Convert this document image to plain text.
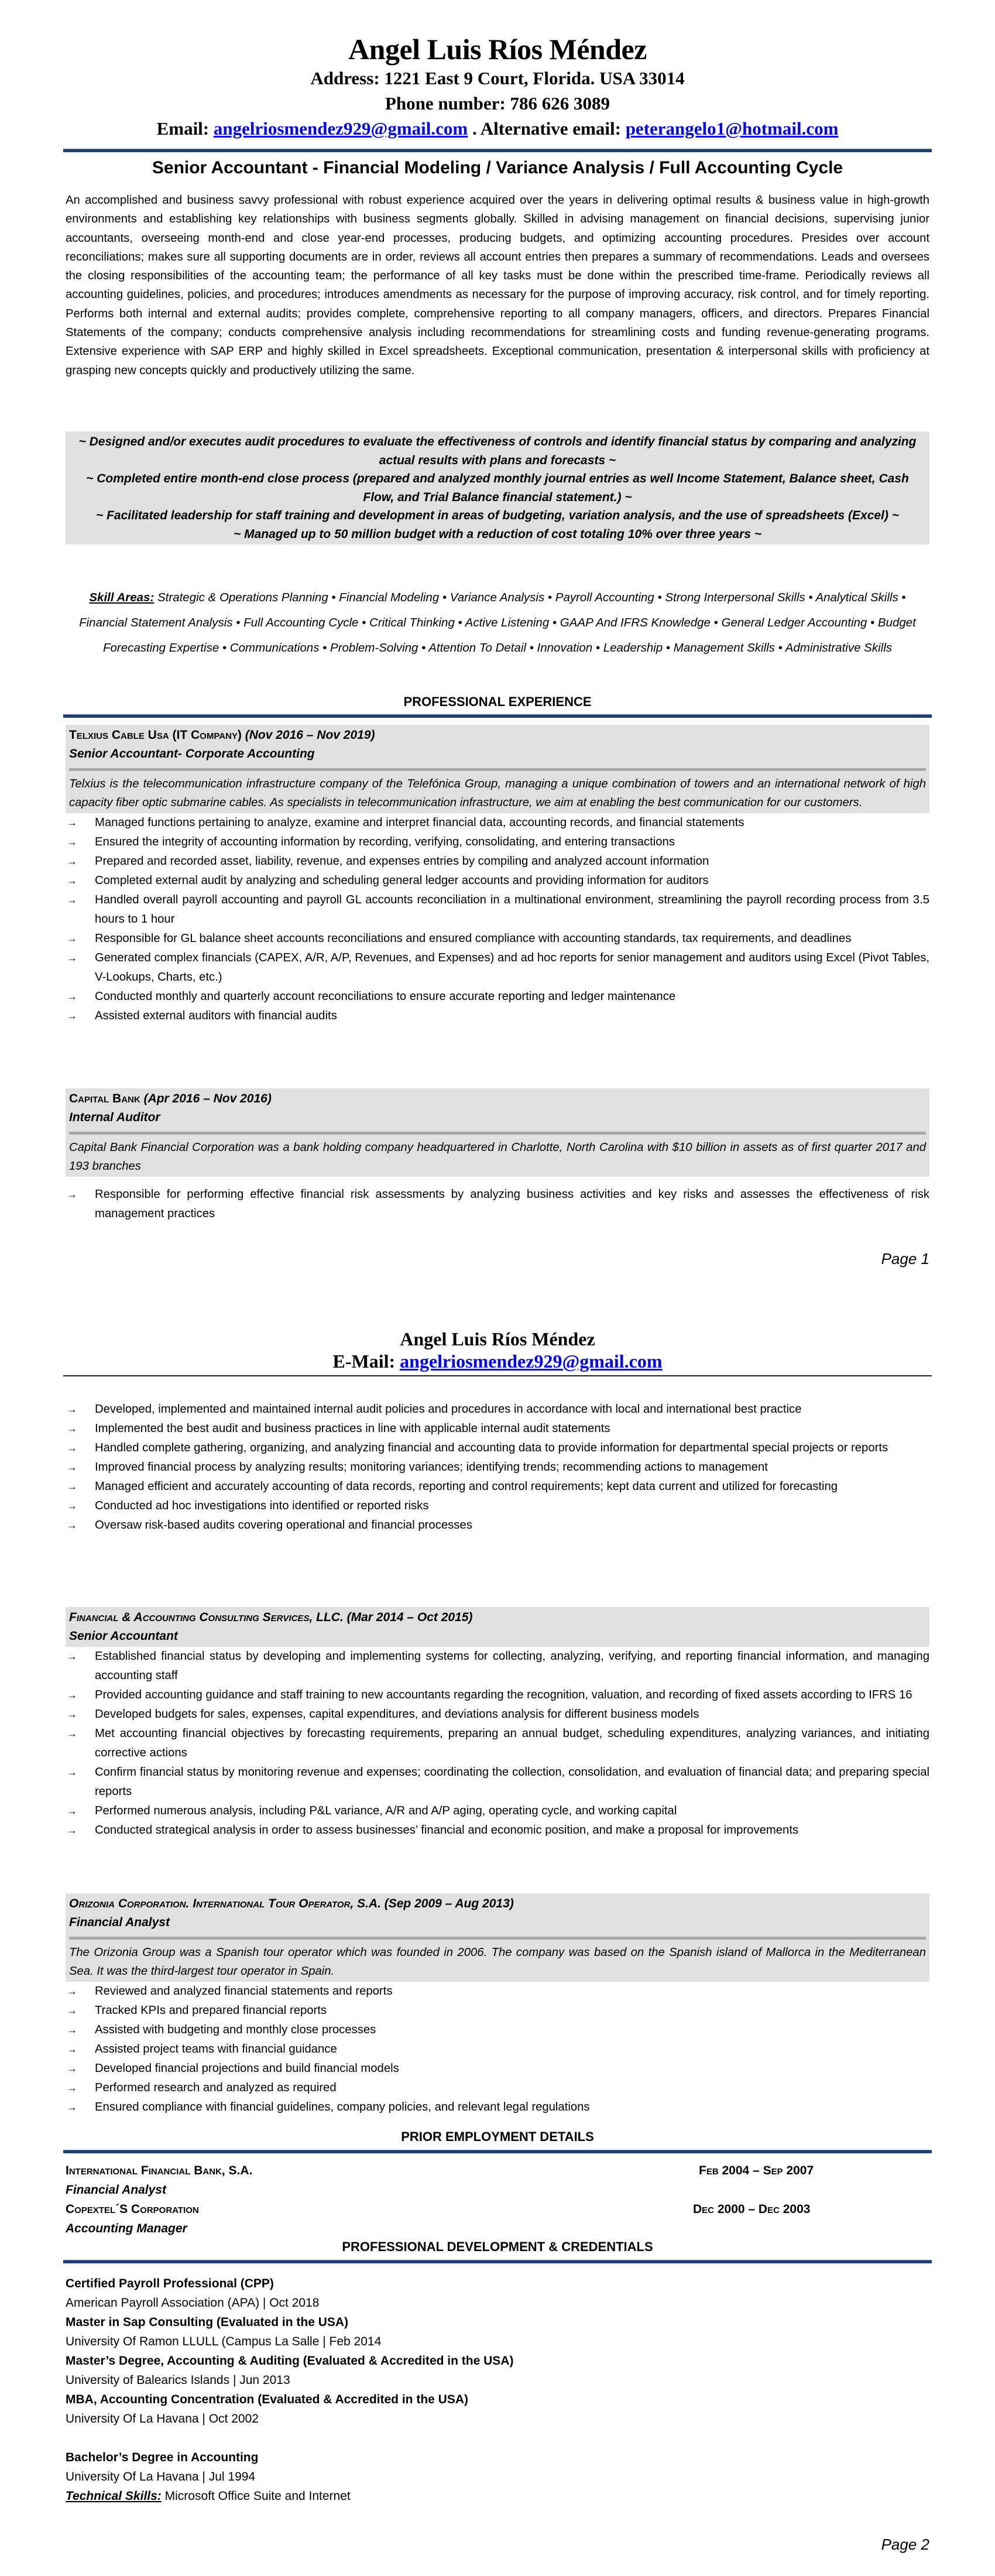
Angel Luis Ríos Méndez
Address: 1221 East 9 Court, Florida. USA 33014
Phone number: 786 626 3089
Email: angelriosmendez929@gmail.com . Alternative email: peterangelo1@hotmail.com
Senior Accountant - Financial Modeling / Variance Analysis / Full Accounting Cycle
An accomplished and business savvy professional with robust experience acquired over the years in delivering optimal results & business value in high-growth environments and establishing key relationships with business segments globally. Skilled in advising management on financial decisions, supervising junior accountants, overseeing month-end and close year-end processes, producing budgets, and optimizing accounting procedures. Presides over account reconciliations; makes sure all supporting documents are in order, reviews all account entries then prepares a summary of recommendations. Leads and oversees the closing responsibilities of the accounting team; the performance of all key tasks must be done within the prescribed time-frame. Periodically reviews all accounting guidelines, policies, and procedures; introduces amendments as necessary for the purpose of improving accuracy, risk control, and for timely reporting. Performs both internal and external audits; provides complete, comprehensive reporting to all company managers, officers, and directors. Prepares Financial Statements of the company; conducts comprehensive analysis including recommendations for streamlining costs and funding revenue-generating programs. Extensive experience with SAP ERP and highly skilled in Excel spreadsheets. Exceptional communication, presentation & interpersonal skills with proficiency at grasping new concepts quickly and productively utilizing the same.
~ Designed and/or executes audit procedures to evaluate the effectiveness of controls and identify financial status by comparing and analyzing actual results with plans and forecasts ~
~ Completed entire month-end close process (prepared and analyzed monthly journal entries as well Income Statement, Balance sheet, Cash Flow, and Trial Balance financial statement.) ~
~ Facilitated leadership for staff training and development in areas of budgeting, variation analysis, and the use of spreadsheets (Excel) ~
~ Managed up to 50 million budget with a reduction of cost totaling 10% over three years ~
Skill Areas: Strategic & Operations Planning • Financial Modeling • Variance Analysis • Payroll Accounting • Strong Interpersonal Skills • Analytical Skills • Financial Statement Analysis • Full Accounting Cycle • Critical Thinking • Active Listening • GAAP And IFRS Knowledge • General Ledger Accounting • Budget Forecasting Expertise • Communications • Problem-Solving • Attention To Detail • Innovation • Leadership • Management Skills • Administrative Skills
PROFESSIONAL EXPERIENCE
Telxius Cable Usa (IT Company) (Nov 2016 – Nov 2019)
Senior Accountant- Corporate Accounting
Telxius is the telecommunication infrastructure company of the Telefónica Group, managing a unique combination of towers and an international network of high capacity fiber optic submarine cables. As specialists in telecommunication infrastructure, we aim at enabling the best communication for our customers.
→ Managed functions pertaining to analyze, examine and interpret financial data, accounting records, and financial statements
→ Ensured the integrity of accounting information by recording, verifying, consolidating, and entering transactions
→ Prepared and recorded asset, liability, revenue, and expenses entries by compiling and analyzed account information
→ Completed external audit by analyzing and scheduling general ledger accounts and providing information for auditors
→ Handled overall payroll accounting and payroll GL accounts reconciliation in a multinational environment, streamlining the payroll recording process from 3.5 hours to 1 hour
→ Responsible for GL balance sheet accounts reconciliations and ensured compliance with accounting standards, tax requirements, and deadlines
→ Generated complex financials (CAPEX, A/R, A/P, Revenues, and Expenses) and ad hoc reports for senior management and auditors using Excel (Pivot Tables, V-Lookups, Charts, etc.)
→ Conducted monthly and quarterly account reconciliations to ensure accurate reporting and ledger maintenance
→ Assisted external auditors with financial audits
Capital Bank (Apr 2016 – Nov 2016)
Internal Auditor
Capital Bank Financial Corporation was a bank holding company headquartered in Charlotte, North Carolina with $10 billion in assets as of first quarter 2017 and 193 branches
→ Responsible for performing effective financial risk assessments by analyzing business activities and key risks and assesses the effectiveness of risk management practices
Page 1
Angel Luis Ríos Méndez
E-Mail: angelriosmendez929@gmail.com
→ Developed, implemented and maintained internal audit policies and procedures in accordance with local and international best practice
→ Implemented the best audit and business practices in line with applicable internal audit statements
→ Handled complete gathering, organizing, and analyzing financial and accounting data to provide information for departmental special projects or reports
→ Improved financial process by analyzing results; monitoring variances; identifying trends; recommending actions to management
→ Managed efficient and accurately accounting of data records, reporting and control requirements; kept data current and utilized for forecasting
→ Conducted ad hoc investigations into identified or reported risks
→ Oversaw risk-based audits covering operational and financial processes
Financial & Accounting Consulting Services, LLC. (Mar 2014 – Oct 2015)
Senior Accountant
→ Established financial status by developing and implementing systems for collecting, analyzing, verifying, and reporting financial information, and managing accounting staff
→ Provided accounting guidance and staff training to new accountants regarding the recognition, valuation, and recording of fixed assets according to IFRS 16
→ Developed budgets for sales, expenses, capital expenditures, and deviations analysis for different business models
→ Met accounting financial objectives by forecasting requirements, preparing an annual budget, scheduling expenditures, analyzing variances, and initiating corrective actions
→ Confirm financial status by monitoring revenue and expenses; coordinating the collection, consolidation, and evaluation of financial data; and preparing special reports
→ Performed numerous analysis, including P&L variance, A/R and A/P aging, operating cycle, and working capital
→ Conducted strategical analysis in order to assess businesses’ financial and economic position, and make a proposal for improvements
Orizonia Corporation. International Tour Operator, S.A. (Sep 2009 – Aug 2013)
Financial Analyst
The Orizonia Group was a Spanish tour operator which was founded in 2006. The company was based on the Spanish island of Mallorca in the Mediterranean Sea. It was the third-largest tour operator in Spain.
→ Reviewed and analyzed financial statements and reports
→ Tracked KPIs and prepared financial reports
→ Assisted with budgeting and monthly close processes
→ Assisted project teams with financial guidance
→ Developed financial projections and build financial models
→ Performed research and analyzed as required
→ Ensured compliance with financial guidelines, company policies, and relevant legal regulations
PRIOR EMPLOYMENT DETAILS
International Financial Bank, S.A.	Feb 2004 – Sep 2007
Financial Analyst
Copextel´S Corporation	Dec 2000 – Dec 2003
Accounting Manager
PROFESSIONAL DEVELOPMENT & CREDENTIALS
Certified Payroll Professional (CPP)
American Payroll Association (APA) | Oct 2018
Master in Sap Consulting (Evaluated in the USA)
University Of Ramon LLULL (Campus La Salle | Feb 2014
Master’s Degree, Accounting & Auditing (Evaluated & Accredited in the USA)
University of Balearics Islands | Jun 2013
MBA, Accounting Concentration (Evaluated & Accredited in the USA)
University Of La Havana | Oct 2002
Bachelor’s Degree in Accounting
University Of La Havana | Jul 1994
Technical Skills: Microsoft Office Suite and Internet
Page 2
